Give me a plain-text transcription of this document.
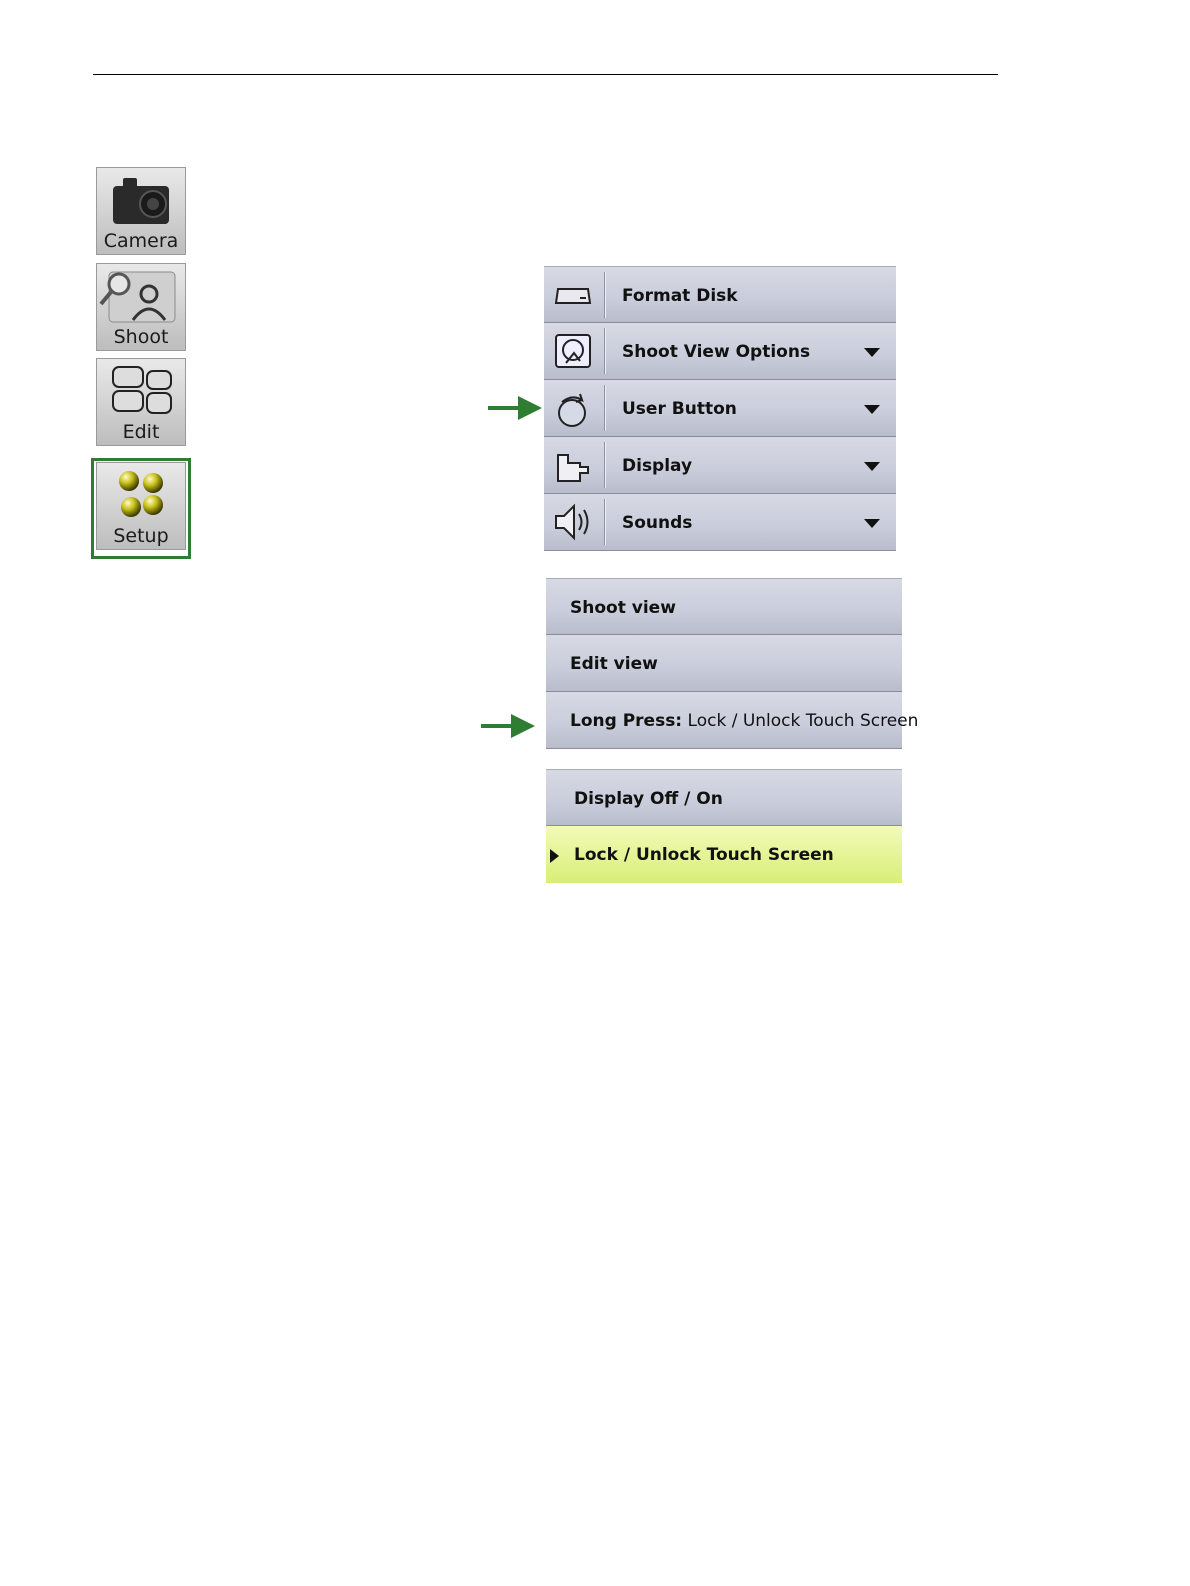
Camera
Shoot
Edit
Setup
Format Disk
Shoot View Options
User Button
Display
Sounds
Shoot view
Edit view
Long Press: Lock / Unlock Touch Screen
Display Off / On
Lock / Unlock Touch Screen
